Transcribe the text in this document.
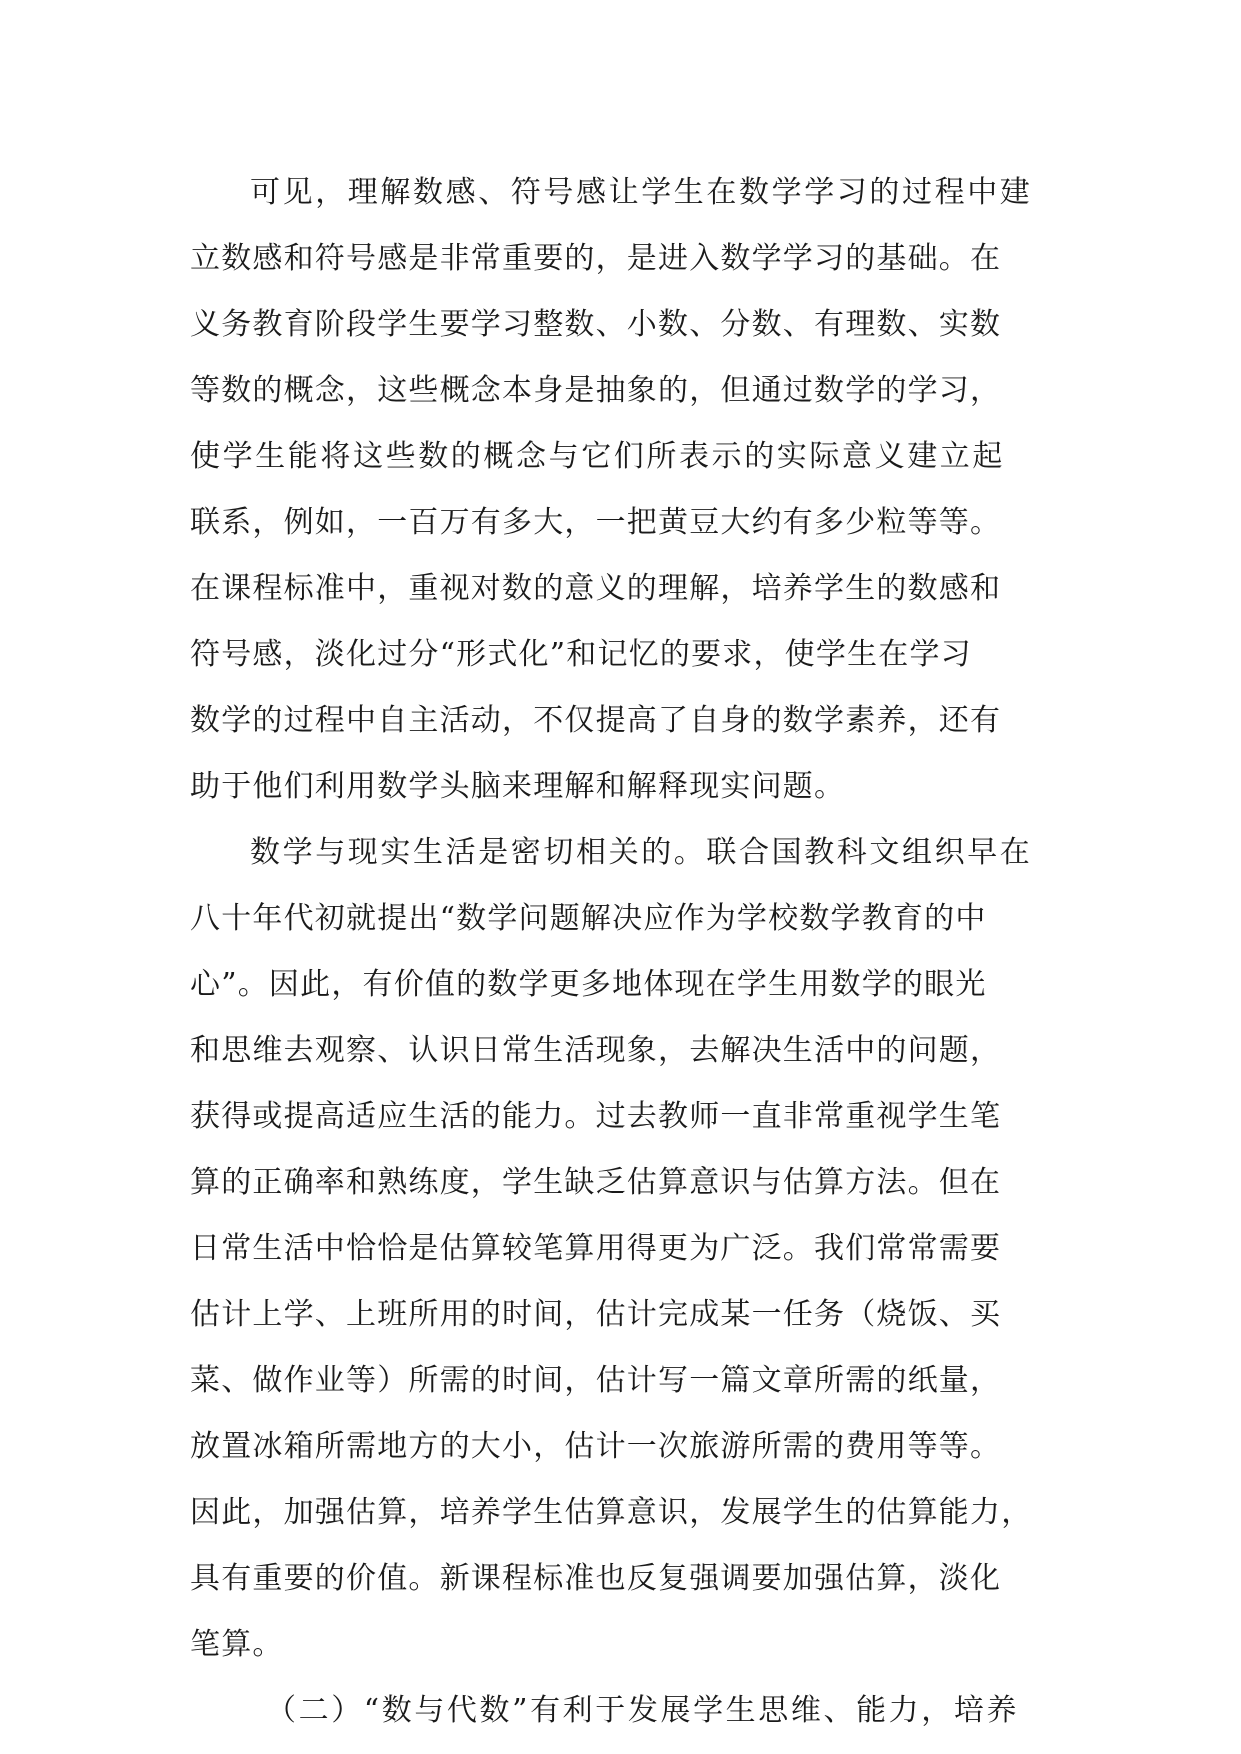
可见，理解数感、符号感让学生在数学学习的过程中建
立数感和符号感是非常重要的，是进入数学学习的基础。在
义务教育阶段学生要学习整数、小数、分数、有理数、实数
等数的概念，这些概念本身是抽象的，但通过数学的学习，
使学生能将这些数的概念与它们所表示的实际意义建立起
联系，例如，一百万有多大，一把黄豆大约有多少粒等等。
在课程标准中，重视对数的意义的理解，培养学生的数感和
符号感，淡化过分“形式化”和记忆的要求，使学生在学习
数学的过程中自主活动，不仅提高了自身的数学素养，还有
助于他们利用数学头脑来理解和解释现实问题。
数学与现实生活是密切相关的。联合国教科文组织早在
八十年代初就提出“数学问题解决应作为学校数学教育的中
心”。因此，有价值的数学更多地体现在学生用数学的眼光
和思维去观察、认识日常生活现象，去解决生活中的问题，
获得或提高适应生活的能力。过去教师一直非常重视学生笔
算的正确率和熟练度，学生缺乏估算意识与估算方法。但在
日常生活中恰恰是估算较笔算用得更为广泛。我们常常需要
估计上学、上班所用的时间，估计完成某一任务（烧饭、买
菜、做作业等）所需的时间，估计写一篇文章所需的纸量，
放置冰箱所需地方的大小，估计一次旅游所需的费用等等。
因此，加强估算，培养学生估算意识，发展学生的估算能力，
具有重要的价值。新课程标准也反复强调要加强估算，淡化
笔算。
（二）“数与代数”有利于发展学生思维、能力，培养
